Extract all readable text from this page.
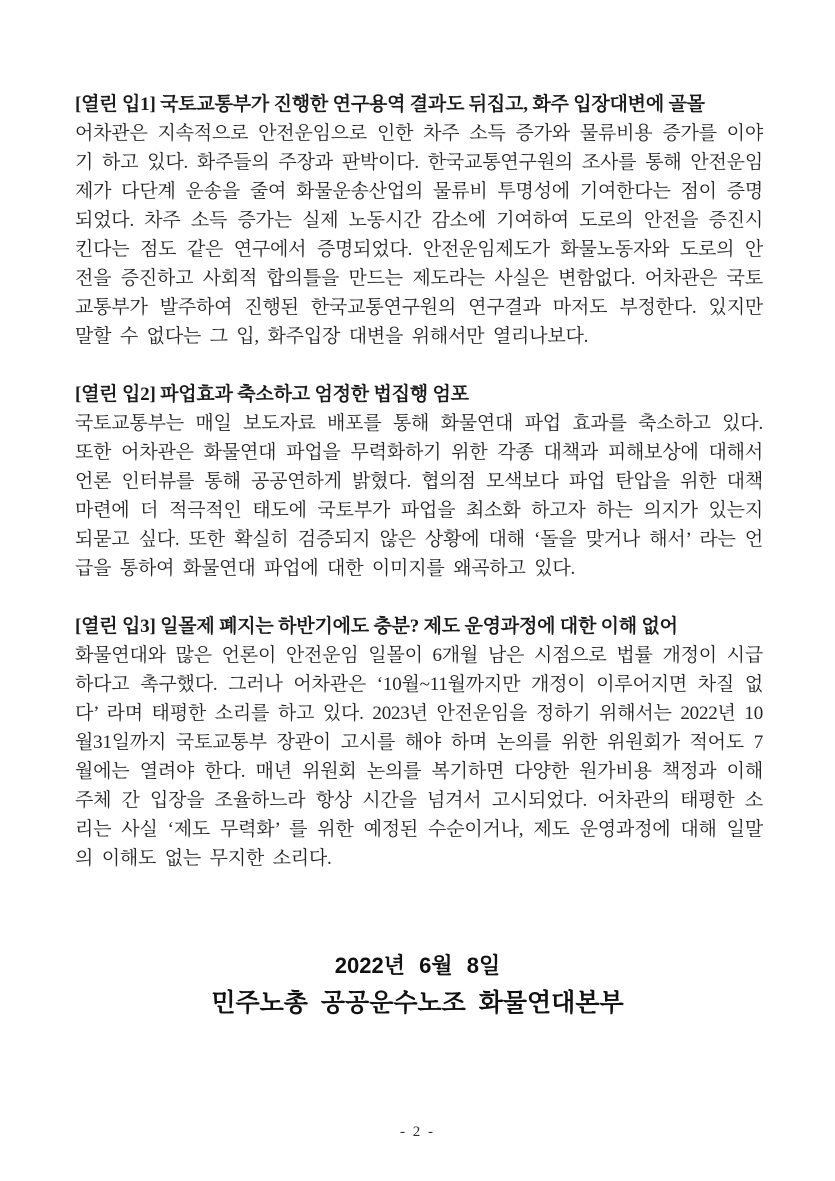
[열린 입1] 국토교통부가 진행한 연구용역 결과도 뒤집고, 화주 입장대변에 골몰

어차관은 지속적으로 안전운임으로 인한 차주 소득 증가와 물류비용 증가를 이야기 하고 있다. 화주들의 주장과 판박이다. 한국교통연구원의 조사를 통해 안전운임제가 다단계 운송을 줄여 화물운송산업의 물류비 투명성에 기여한다는 점이 증명되었다. 차주 소득 증가는 실제 노동시간 감소에 기여하여 도로의 안전을 증진시킨다는 점도 같은 연구에서 증명되었다. 안전운임제도가 화물노동자와 도로의 안전을 증진하고 사회적 합의틀을 만드는 제도라는 사실은 변함없다. 어차관은 국토교통부가 발주하여 진행된 한국교통연구원의 연구결과 마저도 부정한다. 있지만 말할 수 없다는 그 입, 화주입장 대변을 위해서만 열리나보다.

[열린 입2] 파업효과 축소하고 엄정한 법집행 엄포

국토교통부는 매일 보도자료 배포를 통해 화물연대 파업 효과를 축소하고 있다. 또한 어차관은 화물연대 파업을 무력화하기 위한 각종 대책과 피해보상에 대해서 언론 인터뷰를 통해 공공연하게 밝혔다. 협의점 모색보다 파업 탄압을 위한 대책마련에 더 적극적인 태도에 국토부가 파업을 최소화 하고자 하는 의지가 있는지 되묻고 싶다. 또한 확실히 검증되지 않은 상황에 대해 ‘돌을 맞거나 해서’ 라는 언급을 통하여 화물연대 파업에 대한 이미지를 왜곡하고 있다.

[열린 입3] 일몰제 폐지는 하반기에도 충분? 제도 운영과정에 대한 이해 없어

화물연대와 많은 언론이 안전운임 일몰이 6개월 남은 시점으로 법률 개정이 시급하다고 촉구했다. 그러나 어차관은 ‘10월~11월까지만 개정이 이루어지면 차질 없다’ 라며 태평한 소리를 하고 있다. 2023년 안전운임을 정하기 위해서는 2022년 10월31일까지 국토교통부 장관이 고시를 해야 하며 논의를 위한 위원회가 적어도 7월에는 열려야 한다. 매년 위원회 논의를 복기하면 다양한 원가비용 책정과 이해주체 간 입장을 조율하느라 항상 시간을 넘겨서 고시되었다. 어차관의 태평한 소리는 사실 ‘제도 무력화’ 를 위한 예정된 수순이거나, 제도 운영과정에 대해 일말의 이해도 없는 무지한 소리다.

2022년 6월 8일
민주노총 공공운수노조 화물연대본부
- 2 -
